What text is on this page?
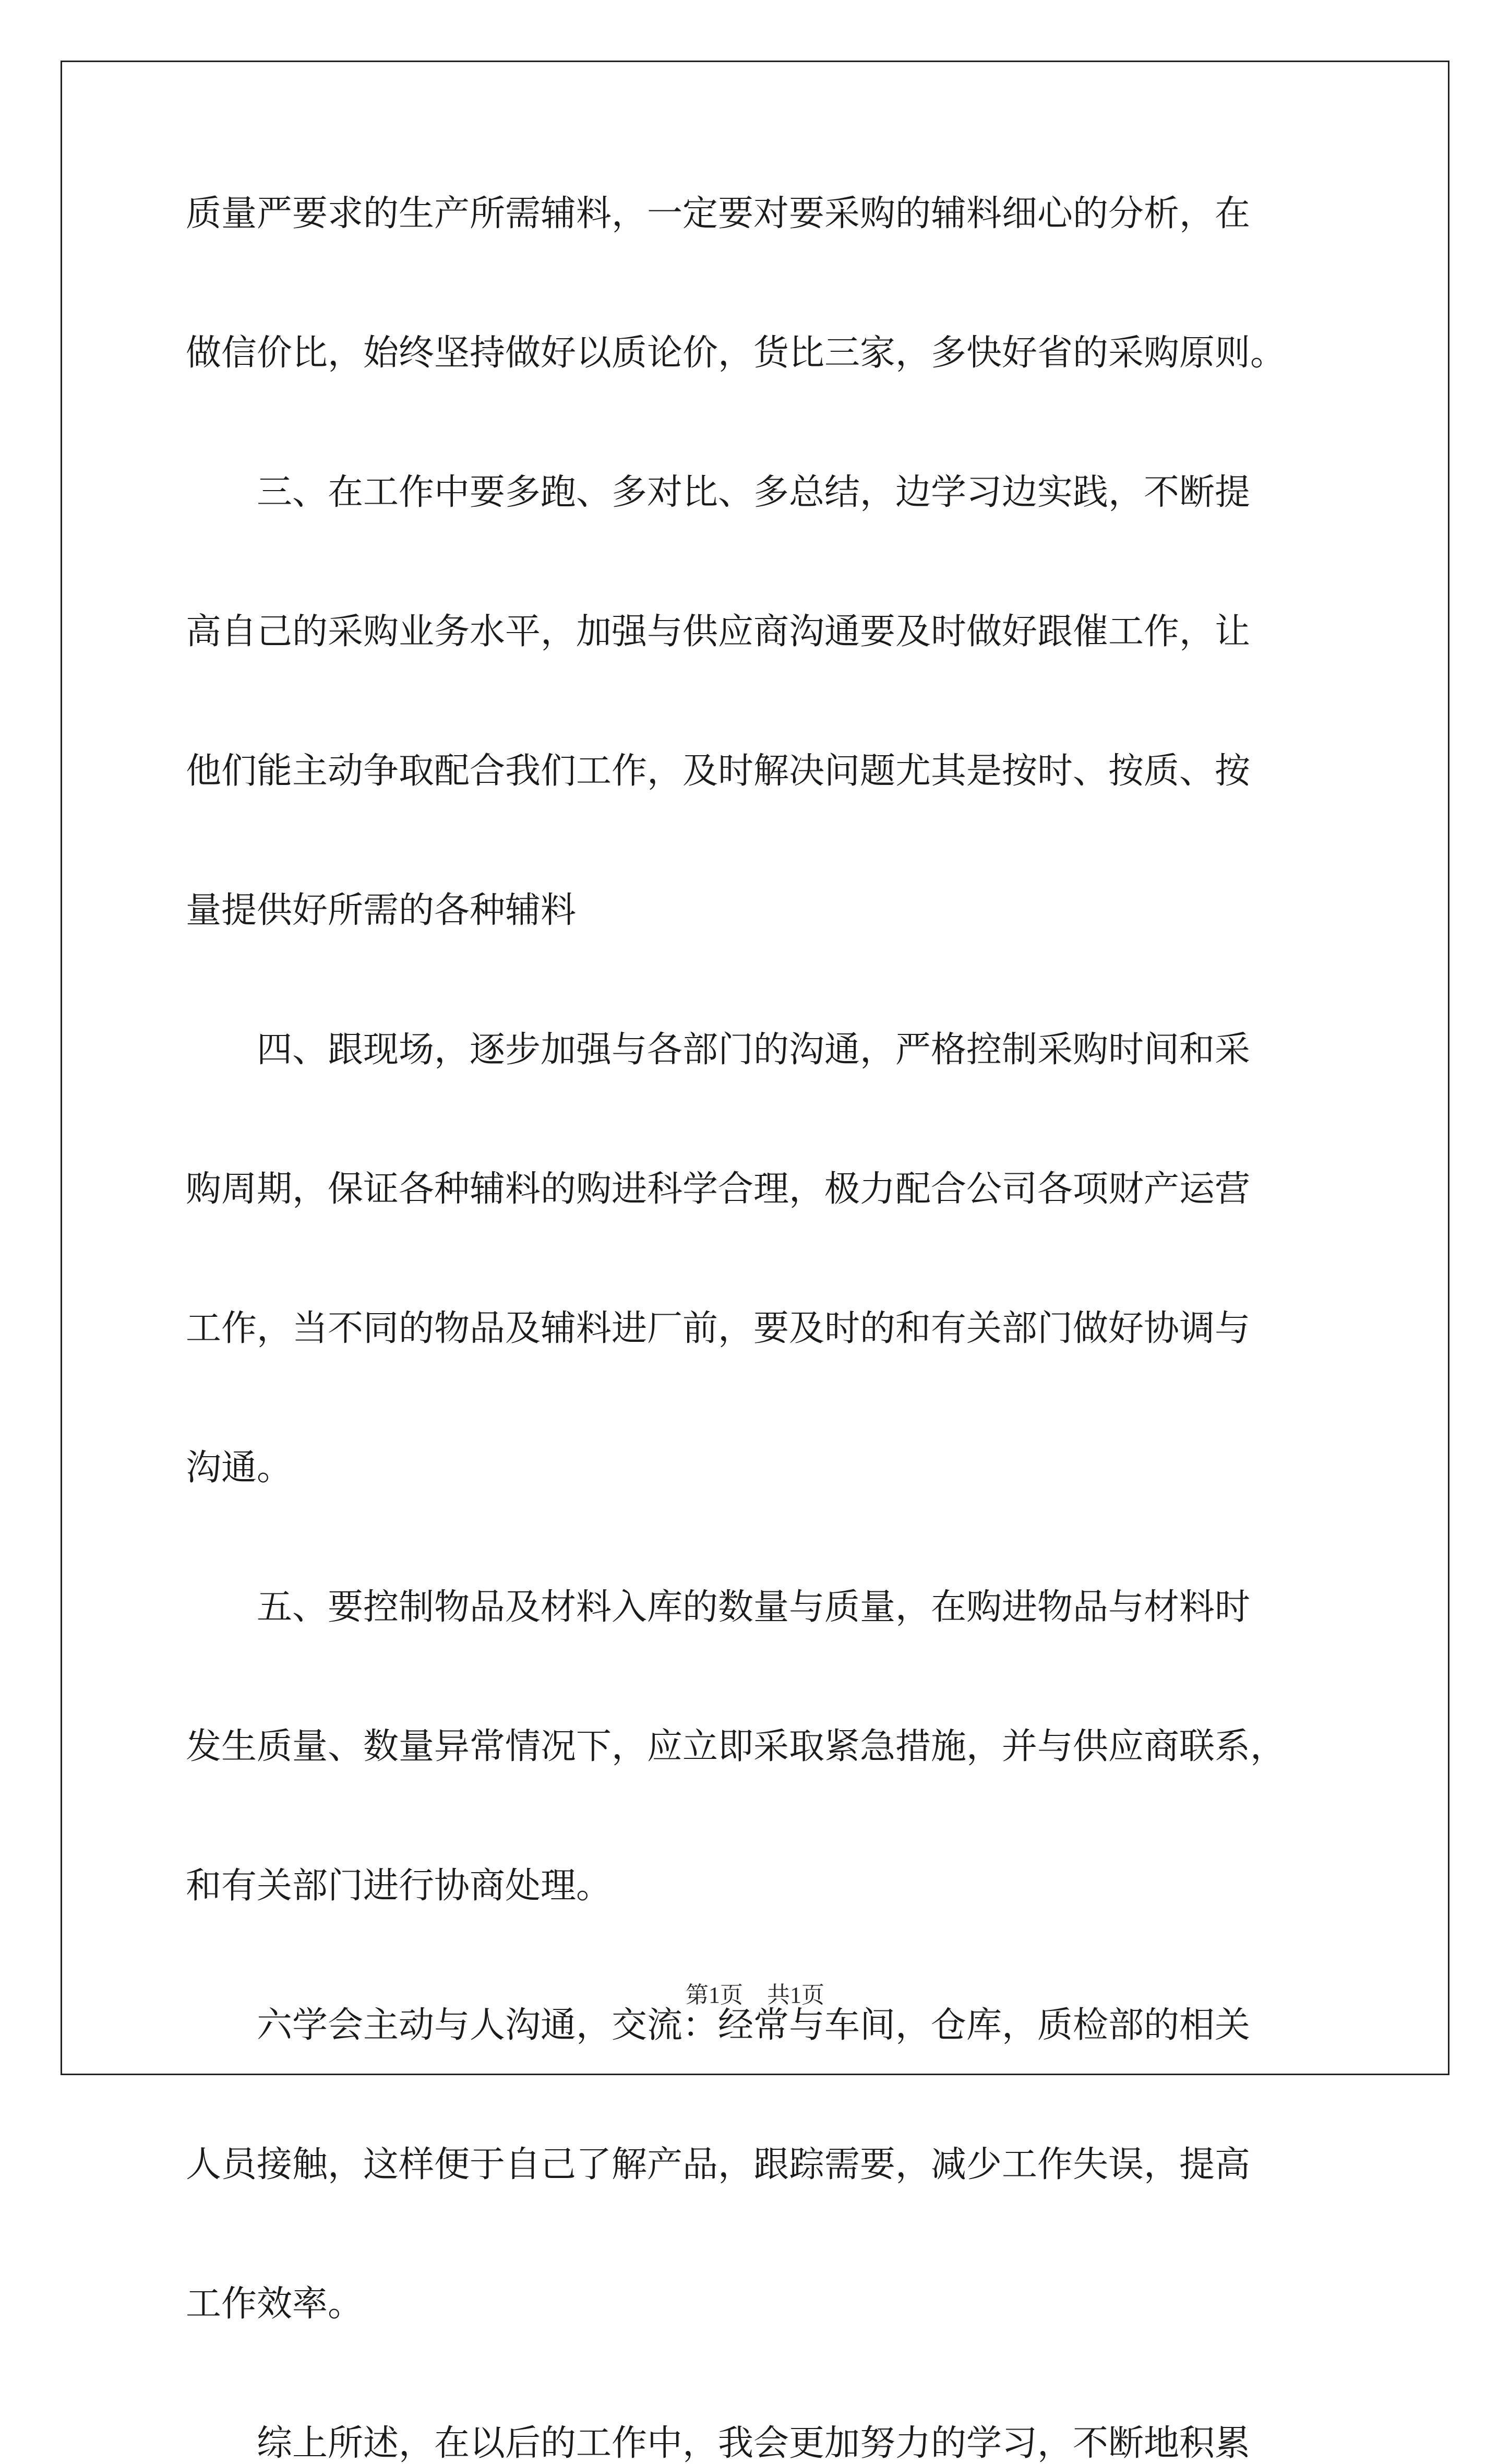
质量严要求的生产所需辅料，一定要对要采购的辅料细心的分析，在
做信价比，始终坚持做好以质论价，货比三家，多快好省的采购原则。
　　三、在工作中要多跑、多对比、多总结，边学习边实践，不断提
高自己的采购业务水平，加强与供应商沟通要及时做好跟催工作，让
他们能主动争取配合我们工作，及时解决问题尤其是按时、按质、按
量提供好所需的各种辅料
　　四、跟现场，逐步加强与各部门的沟通，严格控制采购时间和采
购周期，保证各种辅料的购进科学合理，极力配合公司各项财产运营
工作，当不同的物品及辅料进厂前，要及时的和有关部门做好协调与
沟通。
　　五、要控制物品及材料入库的数量与质量，在购进物品与材料时
发生质量、数量异常情况下，应立即采取紧急措施，并与供应商联系，
和有关部门进行协商处理。
　　六学会主动与人沟通，交流：经常与车间，仓库，质检部的相关
人员接触，这样便于自己了解产品，跟踪需要，减少工作失误，提高
工作效率。
　　综上所述，在以后的工作中，我会更加努力的学习，不断地积累
第1页 共1页
